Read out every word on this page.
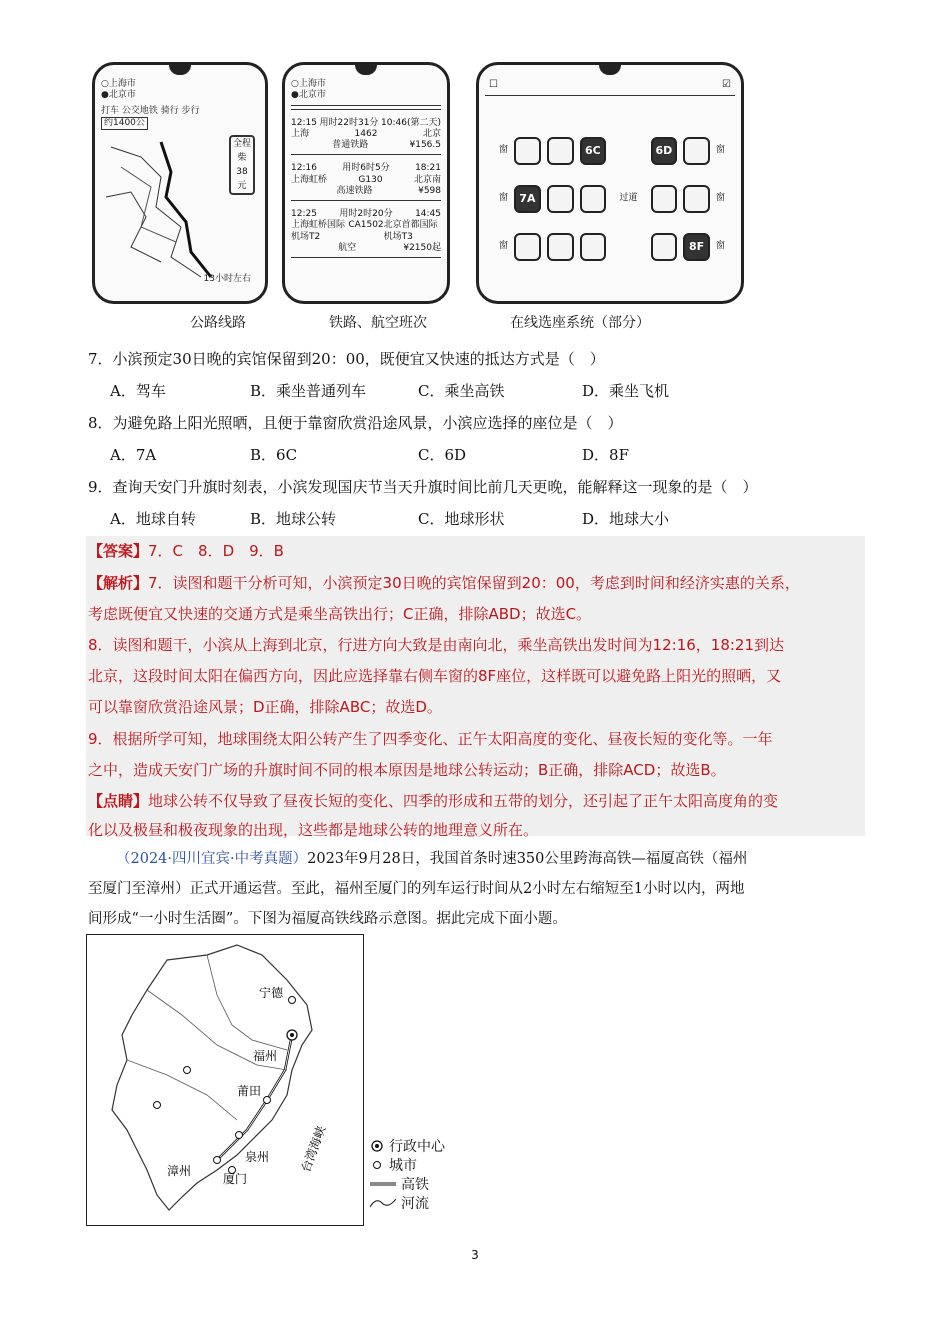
○上海市
●北京市
打车 公交地铁 骑行 步行
约1400公
全程
柴
38
元
13小时左右
○上海市
●北京市
12:15 用时22时31分 10:46(第二天)
上海	1462	北京
普通铁路	¥156.5
12:16	用时6时5分	18:21
上海虹桥	G130	北京南
高速铁路	¥598
12:25	用时2时20分	14:45
上海虹桥国际机场T2
CA1502 北京首都国际机场T3
航空	¥2150起
☐	☑
窗	6C	6D	窗
窗	7A	过道	窗
窗	8F	窗
公路线路	铁路、航空班次	在线选座系统（部分）
7．小滨预定30日晚的宾馆保留到20：00，既便宜又快速的抵达方式是（　）
A．驾车	B．乘坐普通列车	C．乘坐高铁	D．乘坐飞机
8．为避免路上阳光照晒，且便于靠窗欣赏沿途风景，小滨应选择的座位是（　）
A．7A	B．6C	C．6D	D．8F
9．查询天安门升旗时刻表，小滨发现国庆节当天升旗时间比前几天更晚，能解释这一现象的是（　）
A．地球自转	B．地球公转	C．地球形状	D．地球大小
【答案】7．C　8．D　9．B
【解析】7．读图和题干分析可知，小滨预定30日晚的宾馆保留到20：00，考虑到时间和经济实惠的关系，
考虑既便宜又快速的交通方式是乘坐高铁出行；C正确，排除ABD；故选C。
8．读图和题干，小滨从上海到北京，行进方向大致是由南向北，乘坐高铁出发时间为12:16，18:21到达
北京，这段时间太阳在偏西方向，因此应选择靠右侧车窗的8F座位，这样既可以避免路上阳光的照晒，又
可以靠窗欣赏沿途风景；D正确，排除ABC；故选D。
9．根据所学可知，地球围绕太阳公转产生了四季变化、正午太阳高度的变化、昼夜长短的变化等。一年
之中，造成天安门广场的升旗时间不同的根本原因是地球公转运动；B正确，排除ACD；故选B。
【点睛】地球公转不仅导致了昼夜长短的变化、四季的形成和五带的划分，还引起了正午太阳高度角的变
化以及极昼和极夜现象的出现，这些都是地球公转的地理意义所在。
（2024·四川宜宾·中考真题）2023年9月28日，我国首条时速350公里跨海高铁—福厦高铁（福州
至厦门至漳州）正式开通运营。至此，福州至厦门的列车运行时间从2小时左右缩短至1小时以内，两地
间形成“一小时生活圈”。下图为福厦高铁线路示意图。据此完成下面小题。
宁德
福州
莆田
泉州
漳州
厦门
台湾海峡	行政中心
城市
高铁
河流
3
